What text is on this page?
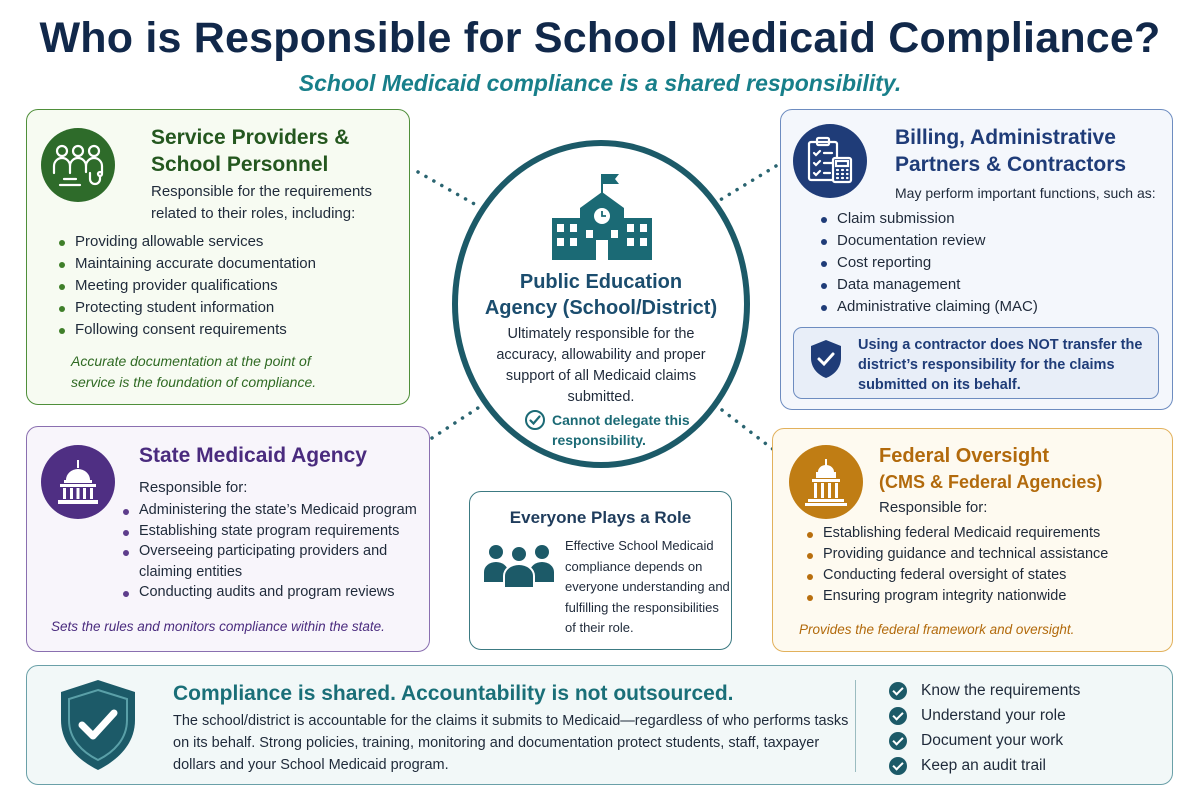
Who is Responsible for School Medicaid Compliance?
School Medicaid compliance is a shared responsibility.
Service Providers &
School Personnel
Responsible for the requirements
related to their roles, including:
Providing allowable services
Maintaining accurate documentation
Meeting provider qualifications
Protecting student information
Following consent requirements
Accurate documentation at the point of
service is the foundation of compliance.
Public Education
Agency (School/District)
Ultimately responsible for the accuracy, allowability and proper support of all Medicaid claims submitted.
Cannot delegate this
responsibility.
Billing, Administrative
Partners & Contractors
May perform important functions, such as:
Claim submission
Documentation review
Cost reporting
Data management
Administrative claiming (MAC)
Using a contractor does NOT transfer the district’s responsibility for the claims submitted on its behalf.
State Medicaid Agency
Responsible for:
Administering the state’s Medicaid program
Establishing state program requirements
Overseeing participating providers and
claiming entities
Conducting audits and program reviews
Sets the rules and monitors compliance within the state.
Everyone Plays a Role
Effective School Medicaid compliance depends on everyone understanding and fulfilling the responsibilities of their role.
Federal Oversight
(CMS & Federal Agencies)
Responsible for:
Establishing federal Medicaid requirements
Providing guidance and technical assistance
Conducting federal oversight of states
Ensuring program integrity nationwide
Provides the federal framework and oversight.
Compliance is shared. Accountability is not outsourced.
The school/district is accountable for the claims it submits to Medicaid—regardless of who performs tasks on its behalf. Strong policies, training, monitoring and documentation protect students, staff, taxpayer dollars and your School Medicaid program.
Know the requirements
Understand your role
Document your work
Keep an audit trail
